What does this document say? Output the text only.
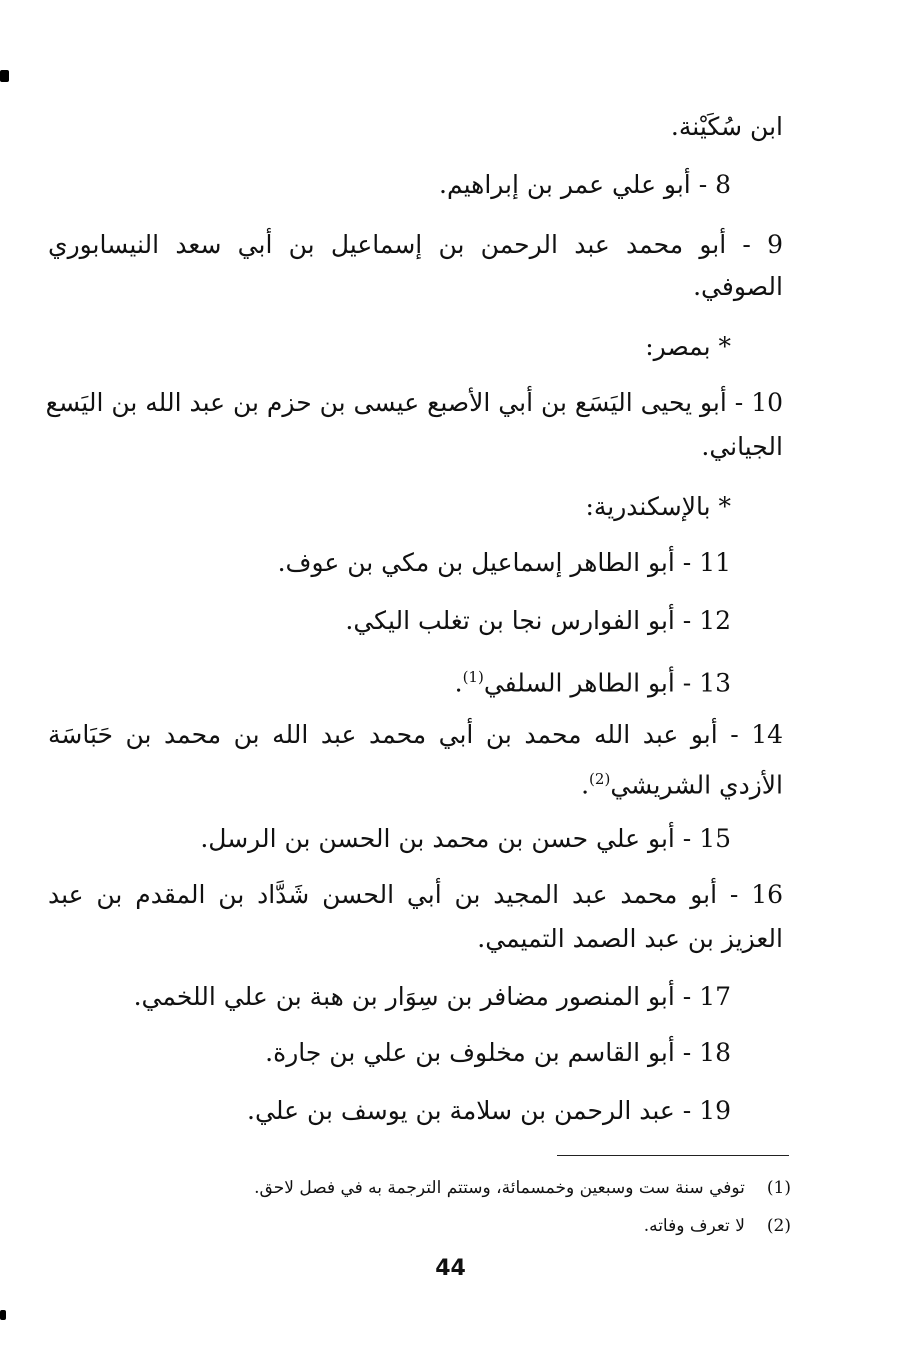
ابن سُكَيْنة.
8 - أبو علي عمر بن إبراهيم.
9 - أبو محمد عبد الرحمن بن إسماعيل بن أبي سعد النيسابوري
الصوفي.
* بمصر:
10 - أبو يحيى اليَسَع بن أبي الأصبع عيسى بن حزم بن عبد الله بن اليَسع
الجياني.
* بالإسكندرية:
11 - أبو الطاهر إسماعيل بن مكي بن عوف.
12 - أبو الفوارس نجا بن تغلب اليكي.
13 - أبو الطاهر السلفي$^{(1)}$.
14 - أبو عبد الله محمد بن أبي محمد عبد الله بن محمد بن حَبَاسَة
الأزدي الشريشي$^{(2)}$.
15 - أبو علي حسن بن محمد بن الحسن بن الرسل.
16 - أبو محمد عبد المجيد بن أبي الحسن شَدَّاد بن المقدم بن عبد
العزيز بن عبد الصمد التميمي.
17 - أبو المنصور مضافر بن سِوَار بن هبة بن علي اللخمي.
18 - أبو القاسم بن مخلوف بن علي بن جارة.
19 - عبد الرحمن بن سلامة بن يوسف بن علي.
(1)توفي سنة ست وسبعين وخمسمائة، وستتم الترجمة به في فصل لاحق.
(2)لا تعرف وفاته.
44
